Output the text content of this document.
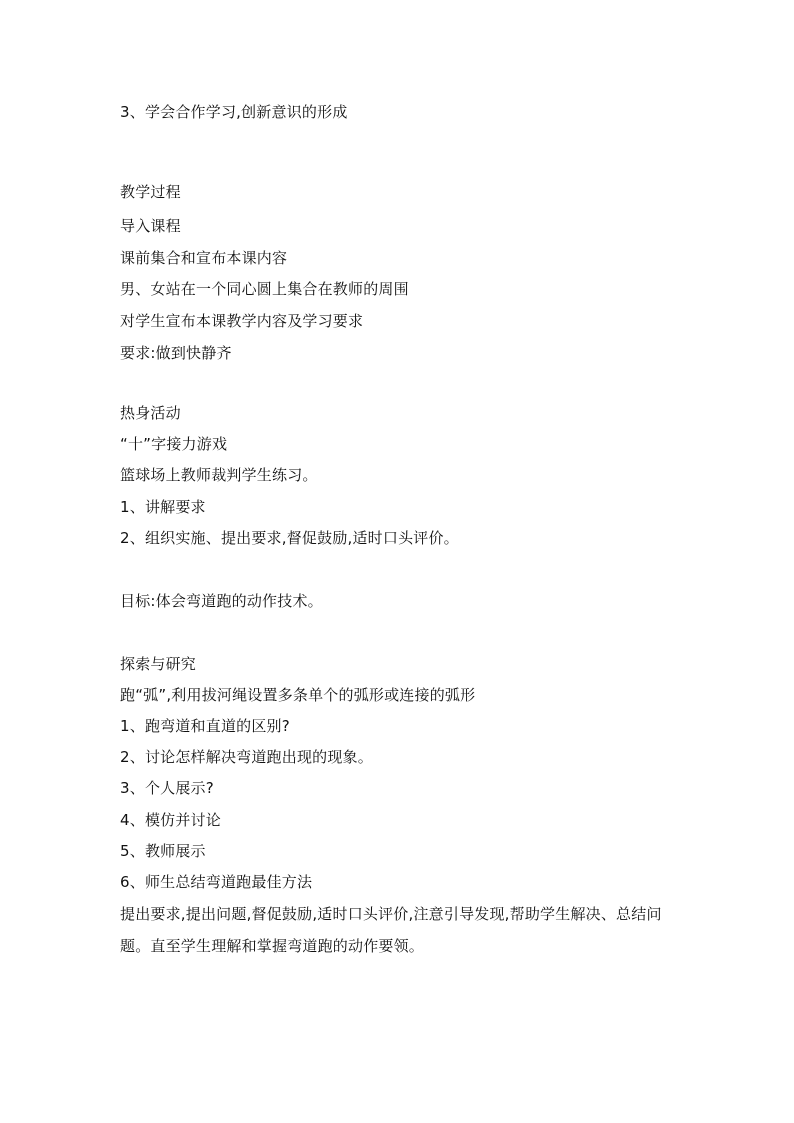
3、学会合作学习,创新意识的形成
教学过程
导入课程
课前集合和宣布本课内容
男、女站在一个同心圆上集合在教师的周围
对学生宣布本课教学内容及学习要求
要求:做到快静齐
热身活动
“十”字接力游戏
篮球场上教师裁判学生练习。
1、讲解要求
2、组织实施、提出要求,督促鼓励,适时口头评价。
目标:体会弯道跑的动作技术。
探索与研究
跑“弧”,利用拔河绳设置多条单个的弧形或连接的弧形
1、跑弯道和直道的区别?
2、讨论怎样解决弯道跑出现的现象。
3、个人展示?
4、模仿并讨论
5、教师展示
6、师生总结弯道跑最佳方法
提出要求,提出问题,督促鼓励,适时口头评价,注意引导发现,帮助学生解决、总结问题。直至学生理解和掌握弯道跑的动作要领。
